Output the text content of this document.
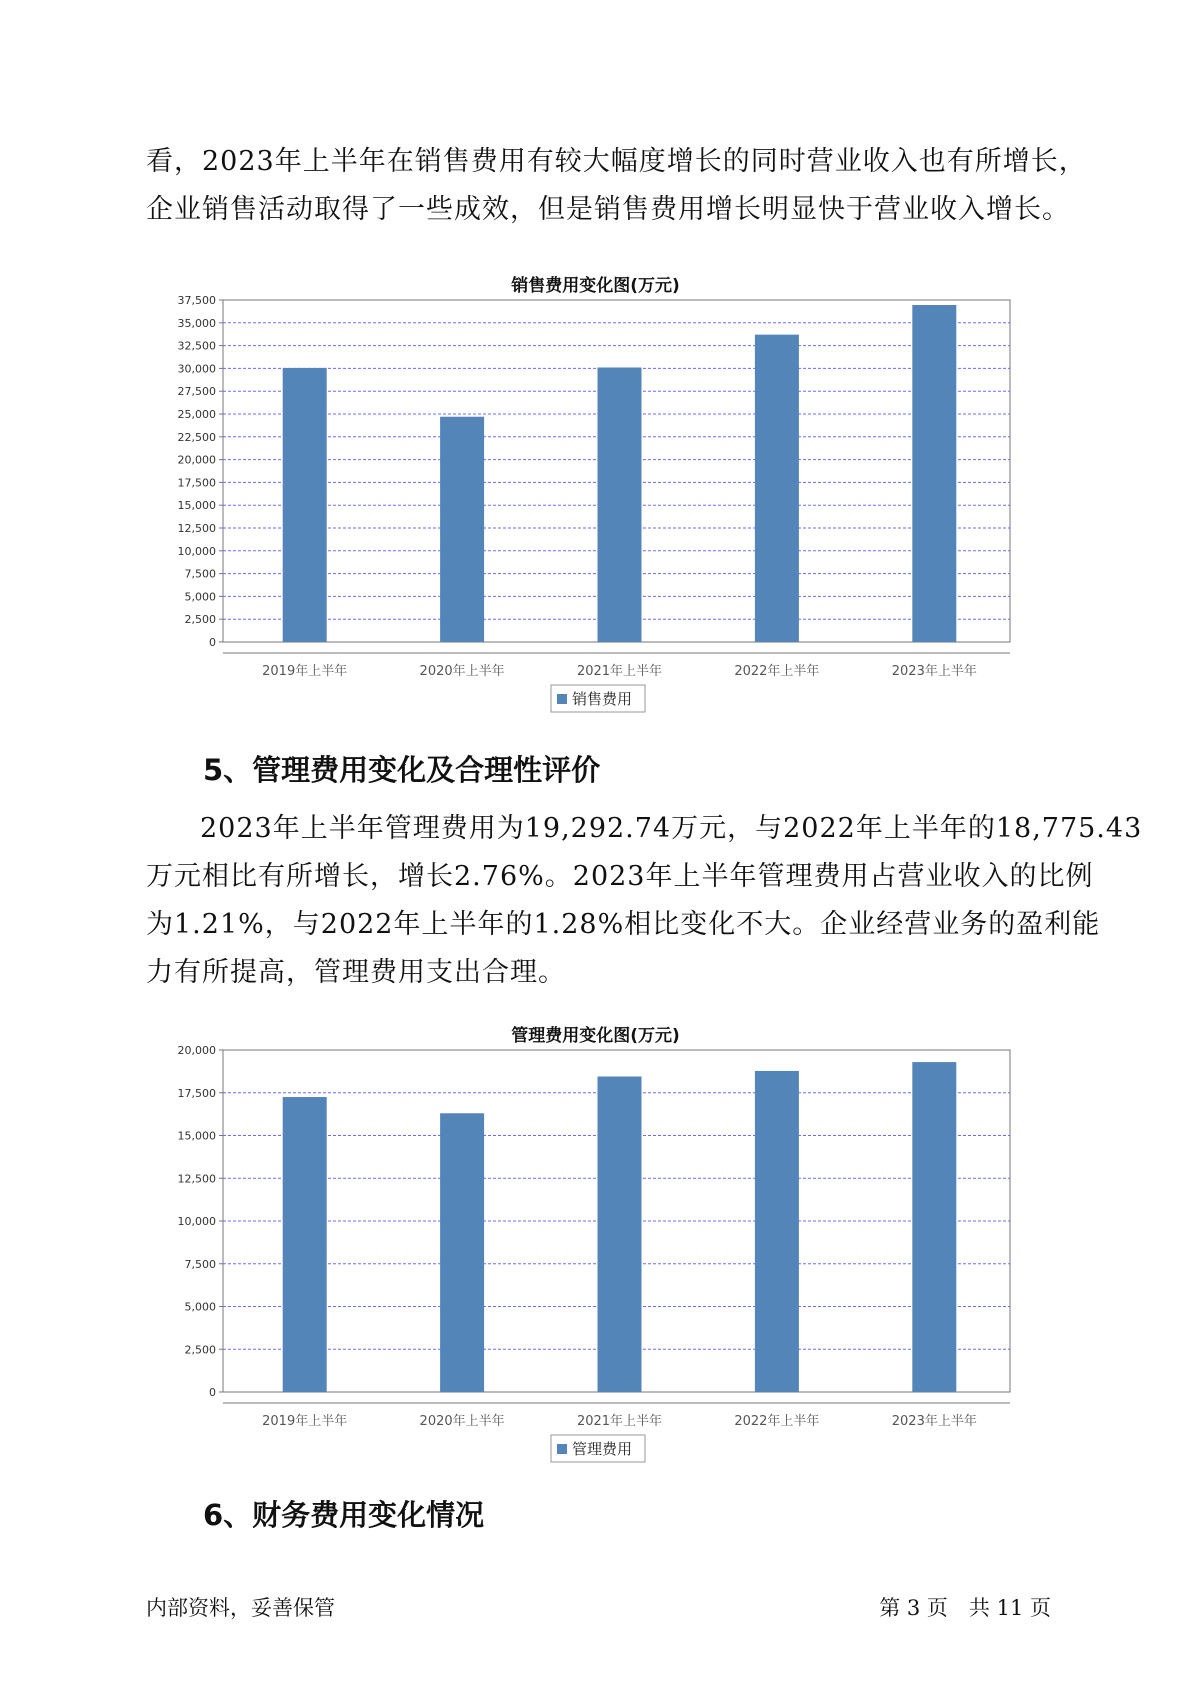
看，2023年上半年在销售费用有较大幅度增长的同时营业收入也有所增长，
企业销售活动取得了一些成效，但是销售费用增长明显快于营业收入增长。
销售费用变化图(万元)
0
2,500
5,000
7,500
10,000
12,500
15,000
17,500
20,000
22,500
25,000
27,500
30,000
32,500
35,000
37,500
2019年上半年	2020年上半年	2021年上半年	2022年上半年	2023年上半年
销售费用
5、管理费用变化及合理性评价
2023年上半年管理费用为19,292.74万元，与2022年上半年的18,775.43
万元相比有所增长，增长2.76%。2023年上半年管理费用占营业收入的比例
为1.21%，与2022年上半年的1.28%相比变化不大。企业经营业务的盈利能
力有所提高，管理费用支出合理。
管理费用变化图(万元)
0
2,500
5,000
7,500
10,000
12,500
15,000
17,500
20,000
2019年上半年	2020年上半年	2021年上半年	2022年上半年	2023年上半年
管理费用
6、财务费用变化情况
内部资料，妥善保管	第 3 页　共 11 页
